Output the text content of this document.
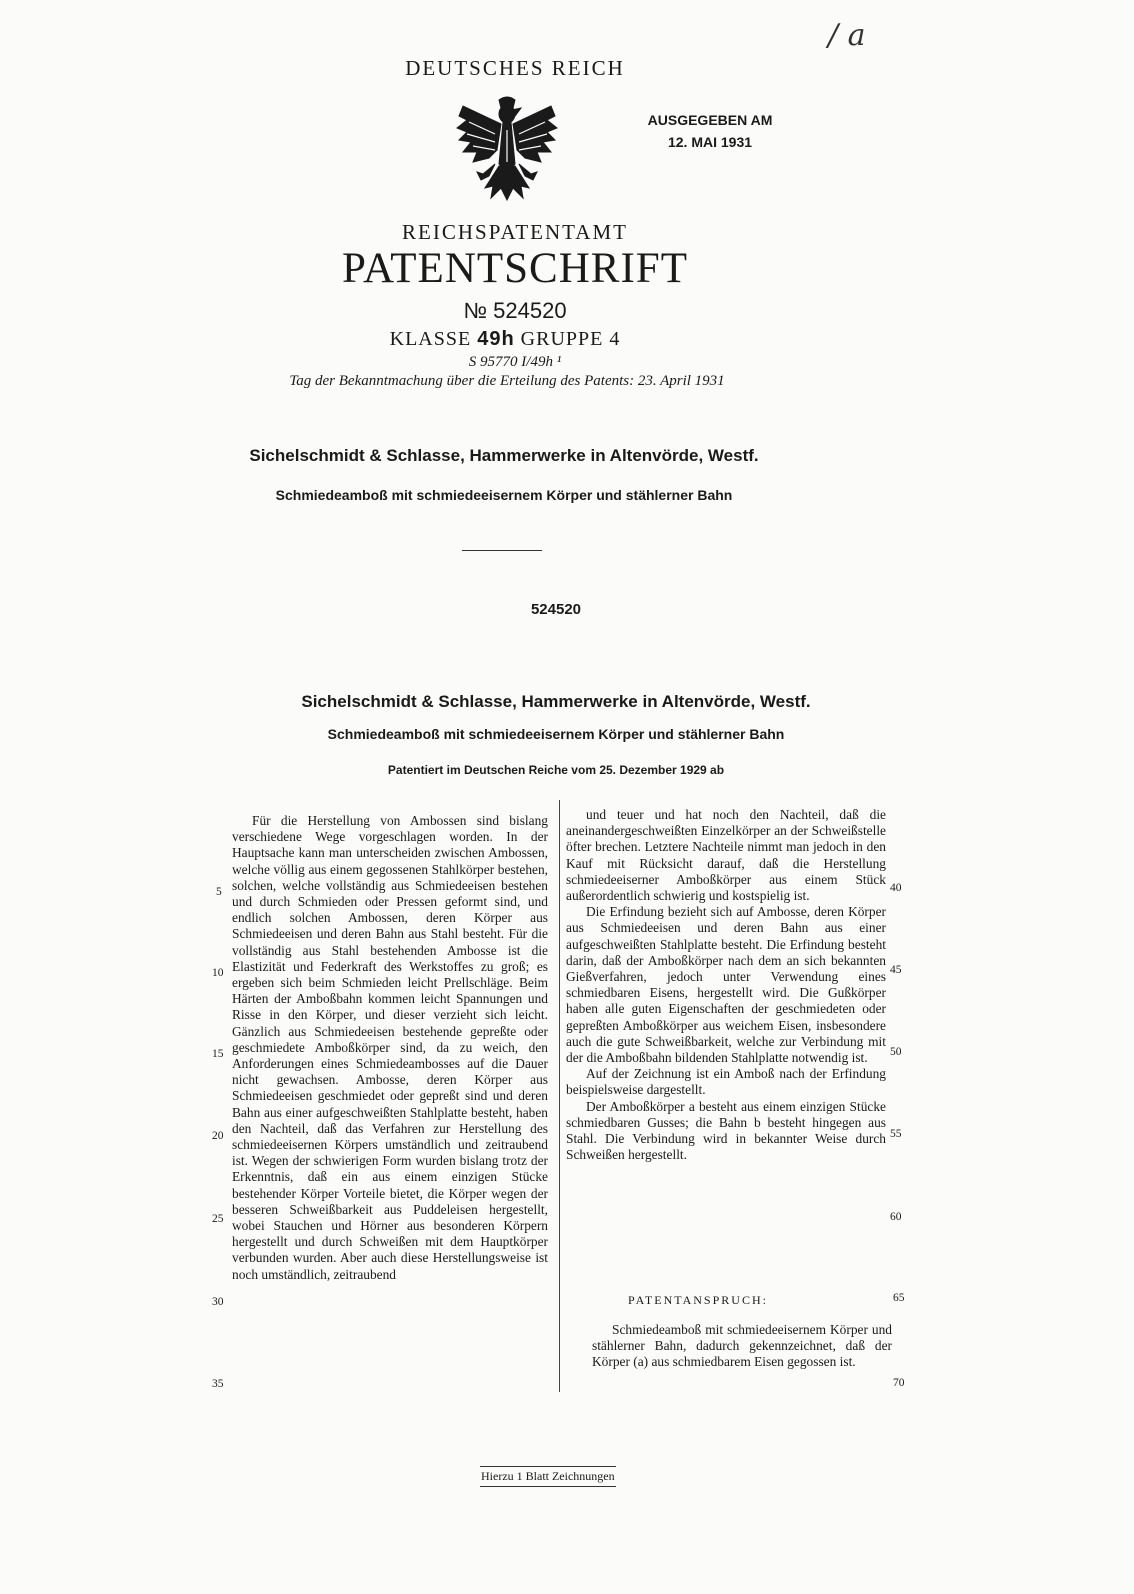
/ a
DEUTSCHES REICH
AUSGEGEBEN AM
12. MAI 1931
REICHSPATENTAMT
PATENTSCHRIFT
№ 524520
KLASSE 49h GRUPPE 4
S 95770 I/49h ¹
Tag der Bekanntmachung über die Erteilung des Patents: 23. April 1931
Sichelschmidt & Schlasse, Hammerwerke in Altenvörde, Westf.
Schmiedeamboß mit schmiedeeisernem Körper und stählerner Bahn
524520
Sichelschmidt & Schlasse, Hammerwerke in Altenvörde, Westf.
Schmiedeamboß mit schmiedeeisernem Körper und stählerner Bahn
Patentiert im Deutschen Reiche vom 25. Dezember 1929 ab

Für die Herstellung von Ambossen sind bislang verschiedene Wege vorgeschlagen worden. In der Hauptsache kann man unterscheiden zwischen Ambossen, welche völlig aus einem gegossenen Stahlkörper bestehen, solchen, welche vollständig aus Schmiedeeisen bestehen und durch Schmieden oder Pressen geformt sind, und endlich solchen Ambossen, deren Körper aus Schmiedeeisen und deren Bahn aus Stahl besteht. Für die vollständig aus Stahl bestehenden Ambosse ist die Elastizität und Federkraft des Werkstoffes zu groß; es ergeben sich beim Schmieden leicht Prellschläge. Beim Härten der Amboßbahn kommen leicht Spannungen und Risse in den Körper, und dieser verzieht sich leicht. Gänzlich aus Schmiedeeisen bestehende gepreßte oder geschmiedete Amboßkörper sind, da zu weich, den Anforderungen eines Schmiedeambosses auf die Dauer nicht gewachsen. Ambosse, deren Körper aus Schmiedeeisen geschmiedet oder gepreßt sind und deren Bahn aus einer aufgeschweißten Stahlplatte besteht, haben den Nachteil, daß das Verfahren zur Herstellung des schmiedeeisernen Körpers umständlich und zeitraubend ist. Wegen der schwierigen Form wurden bislang trotz der Erkenntnis, daß ein aus einem einzigen Stücke bestehender Körper Vorteile bietet, die Körper wegen der besseren Schweißbarkeit aus Puddeleisen hergestellt, wobei Stauchen und Hörner aus besonderen Körpern hergestellt und durch Schweißen mit dem Hauptkörper verbunden wurden. Aber auch diese Herstellungsweise ist noch umständlich, zeitraubend

und teuer und hat noch den Nachteil, daß die aneinandergeschweißten Einzelkörper an der Schweißstelle öfter brechen. Letztere Nachteile nimmt man jedoch in den Kauf mit Rücksicht darauf, daß die Herstellung schmiedeeiserner Amboßkörper aus einem Stück außerordentlich schwierig und kostspielig ist.

Die Erfindung bezieht sich auf Ambosse, deren Körper aus Schmiedeeisen und deren Bahn aus einer aufgeschweißten Stahlplatte besteht. Die Erfindung besteht darin, daß der Amboßkörper nach dem an sich bekannten Gießverfahren, jedoch unter Verwendung eines schmiedbaren Eisens, hergestellt wird. Die Gußkörper haben alle guten Eigenschaften der geschmiedeten oder gepreßten Amboßkörper aus weichem Eisen, insbesondere auch die gute Schweißbarkeit, welche zur Verbindung mit der die Amboßbahn bildenden Stahlplatte notwendig ist.

Auf der Zeichnung ist ein Amboß nach der Erfindung beispielsweise dargestellt.

Der Amboßkörper a besteht aus einem einzigen Stücke schmiedbaren Gusses; die Bahn b besteht hingegen aus Stahl. Die Verbindung wird in bekannter Weise durch Schweißen hergestellt.

5
10
15
20
25
30
35
40
45
50
55
60
65
70
PATENTANSPRUCH:
Schmiedeamboß mit schmiedeeisernem Körper und stählerner Bahn, dadurch gekennzeichnet, daß der Körper (a) aus schmiedbarem Eisen gegossen ist.
Hierzu 1 Blatt Zeichnungen
